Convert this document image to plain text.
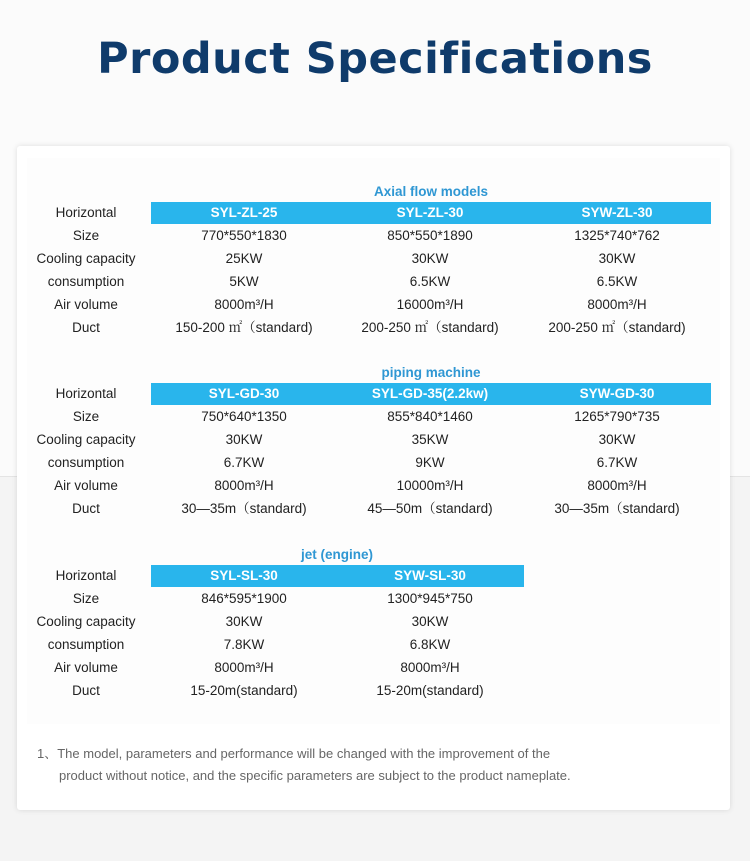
Product Specifications
Axial flow models
Horizontal	SYL-ZL-25	SYL-ZL-30	SYW-ZL-30
Size	770*550*1830	850*550*1890	1325*740*762
Cooling capacity	25KW	30KW	30KW
consumption	5KW	6.5KW	6.5KW
Air volume	8000m³/H	16000m³/H	8000m³/H
Duct	150-200 ㎡（standard)	200-250 ㎡（standard)	200-250 ㎡（standard)
piping machine
Horizontal	SYL-GD-30	SYL-GD-35(2.2kw)	SYW-GD-30
Size	750*640*1350	855*840*1460	1265*790*735
Cooling capacity	30KW	35KW	30KW
consumption	6.7KW	9KW	6.7KW
Air volume	8000m³/H	10000m³/H	8000m³/H
Duct	30—35m（standard)	45—50m（standard)	30—35m（standard)
jet (engine)
Horizontal	SYL-SL-30	SYW-SL-30
Size	846*595*1900	1300*945*750
Cooling capacity	30KW	30KW
consumption	7.8KW	6.8KW
Air volume	8000m³/H	8000m³/H
Duct	15-20m(standard)	15-20m(standard)
1、The model, parameters and performance will be changed with the improvement of the
product without notice, and the specific parameters are subject to the product nameplate.
